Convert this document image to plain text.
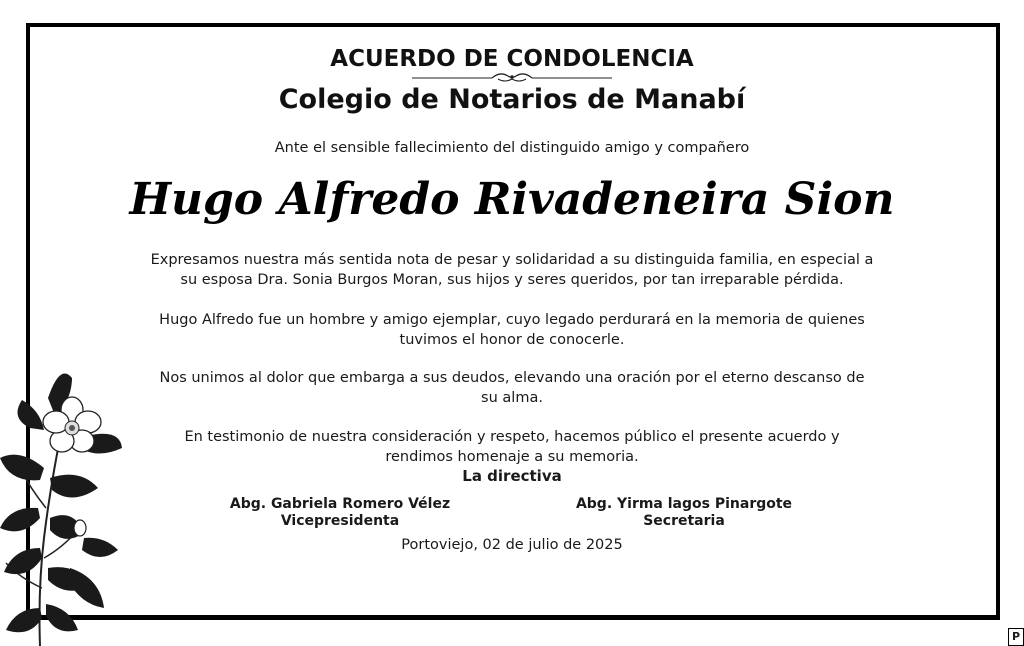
ACUERDO DE CONDOLENCIA
Colegio de Notarios de Manabí
Ante el sensible fallecimiento del distinguido amigo y compañero
Hugo Alfredo Rivadeneira Sion
Expresamos nuestra más sentida nota de pesar y solidaridad a su distinguida familia, en especial a su esposa Dra. Sonia Burgos Moran, sus hijos y seres queridos, por tan irreparable pérdida.
Hugo Alfredo fue un hombre y amigo ejemplar, cuyo legado perdurará en la memoria de quienes tuvimos el honor de conocerle.
Nos unimos al dolor que embarga a sus deudos, elevando una oración por el eterno descanso de su alma.
En testimonio de nuestra consideración y respeto, hacemos público el presente acuerdo y rendimos homenaje a su memoria.
La directiva
Abg. Gabriela Romero Vélez
Vicepresidenta
Abg. Yirma lagos Pinargote
Secretaria
Portoviejo, 02 de julio de 2025
P
